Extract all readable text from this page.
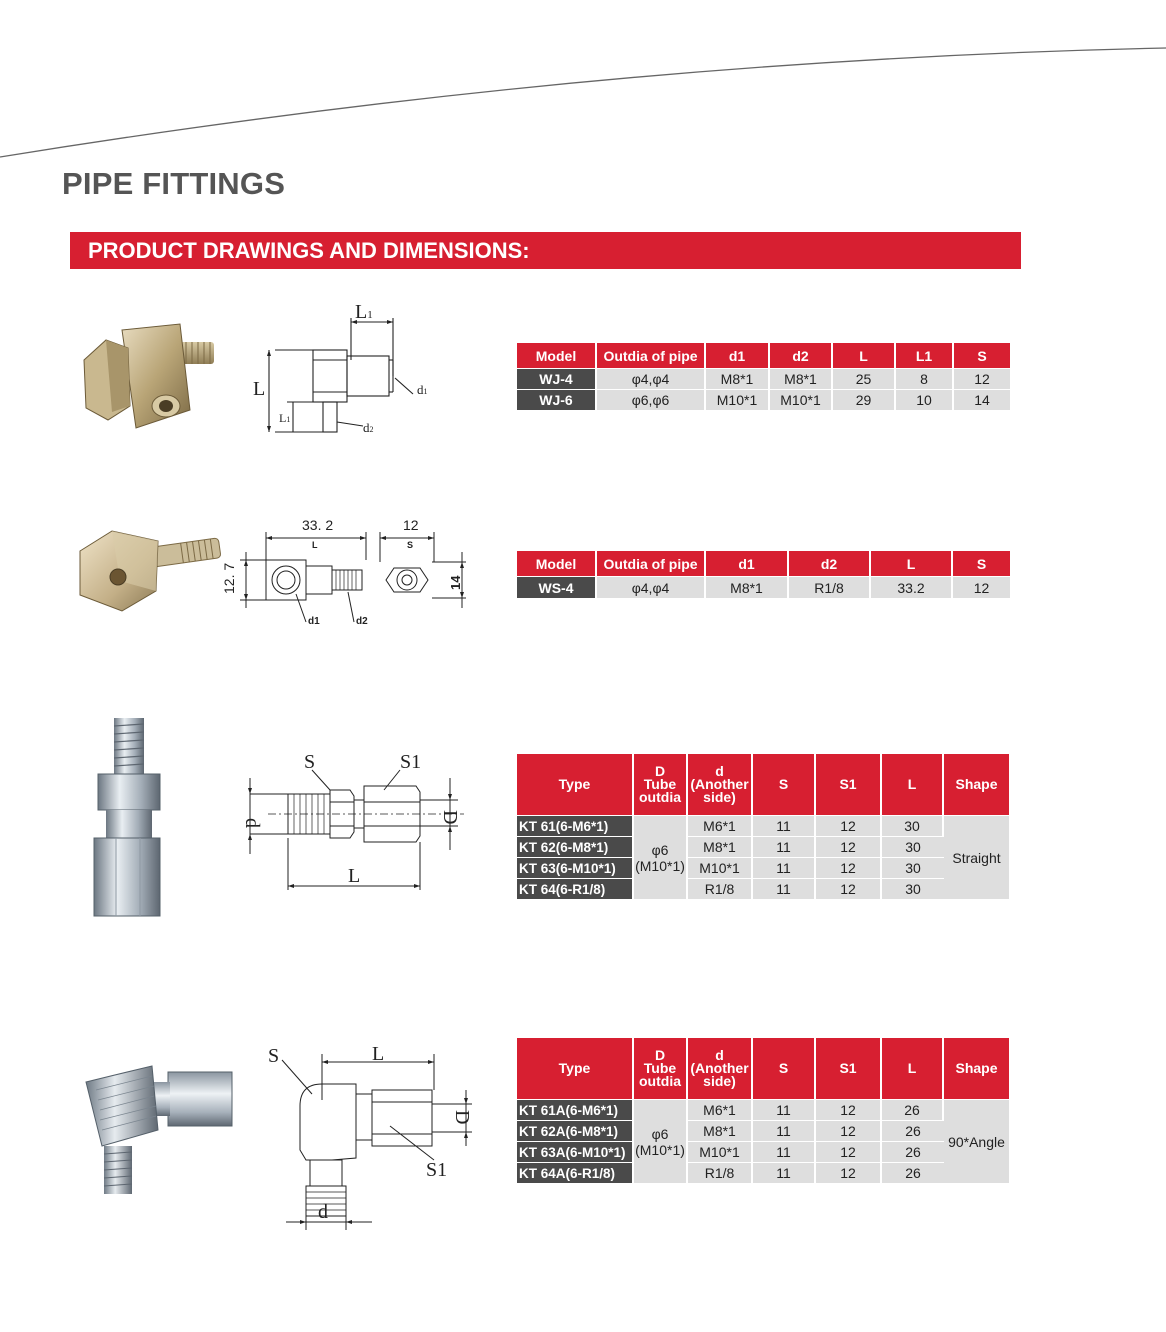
PIPE FITTINGS
PRODUCT DRAWINGS AND DIMENSIONS:
L1
L
L1
d1
d2
Model	Outdia of pipe	d1	d2	L	L1	S
WJ-4	φ4,φ4	M8*1	M8*1	25	8	12
WJ-6	φ6,φ6	M10*1	M10*1	29	10	14
33. 2
L
12
S
12. 7	14
d1	d2
Model	Outdia of pipe	d1	d2	L	S
WS-4	φ4,φ4	M8*1	R1/8	33.2	12
S	S1
d	D
L
Type	D
Tube
outdia	d
(Another
side)	S	S1	L	Shape
KT 61(6-M6*1)	φ6
(M10*1)	M6*1	11	12	30	Straight
KT 62(6-M8*1)		M8*1	11	12	30	
KT 63(6-M10*1)		M10*1	11	12	30	
KT 64(6-R1/8)		R1/8	11	12	30	
S	L
D
S1
d
Type	D
Tube
outdia	d
(Another
side)	S	S1	L	Shape
KT 61A(6-M6*1)	φ6
(M10*1)	M6*1	11	12	26	90*Angle
KT 62A(6-M8*1)		M8*1	11	12	26	
KT 63A(6-M10*1)		M10*1	11	12	26	
KT 64A(6-R1/8)		R1/8	11	12	26	
